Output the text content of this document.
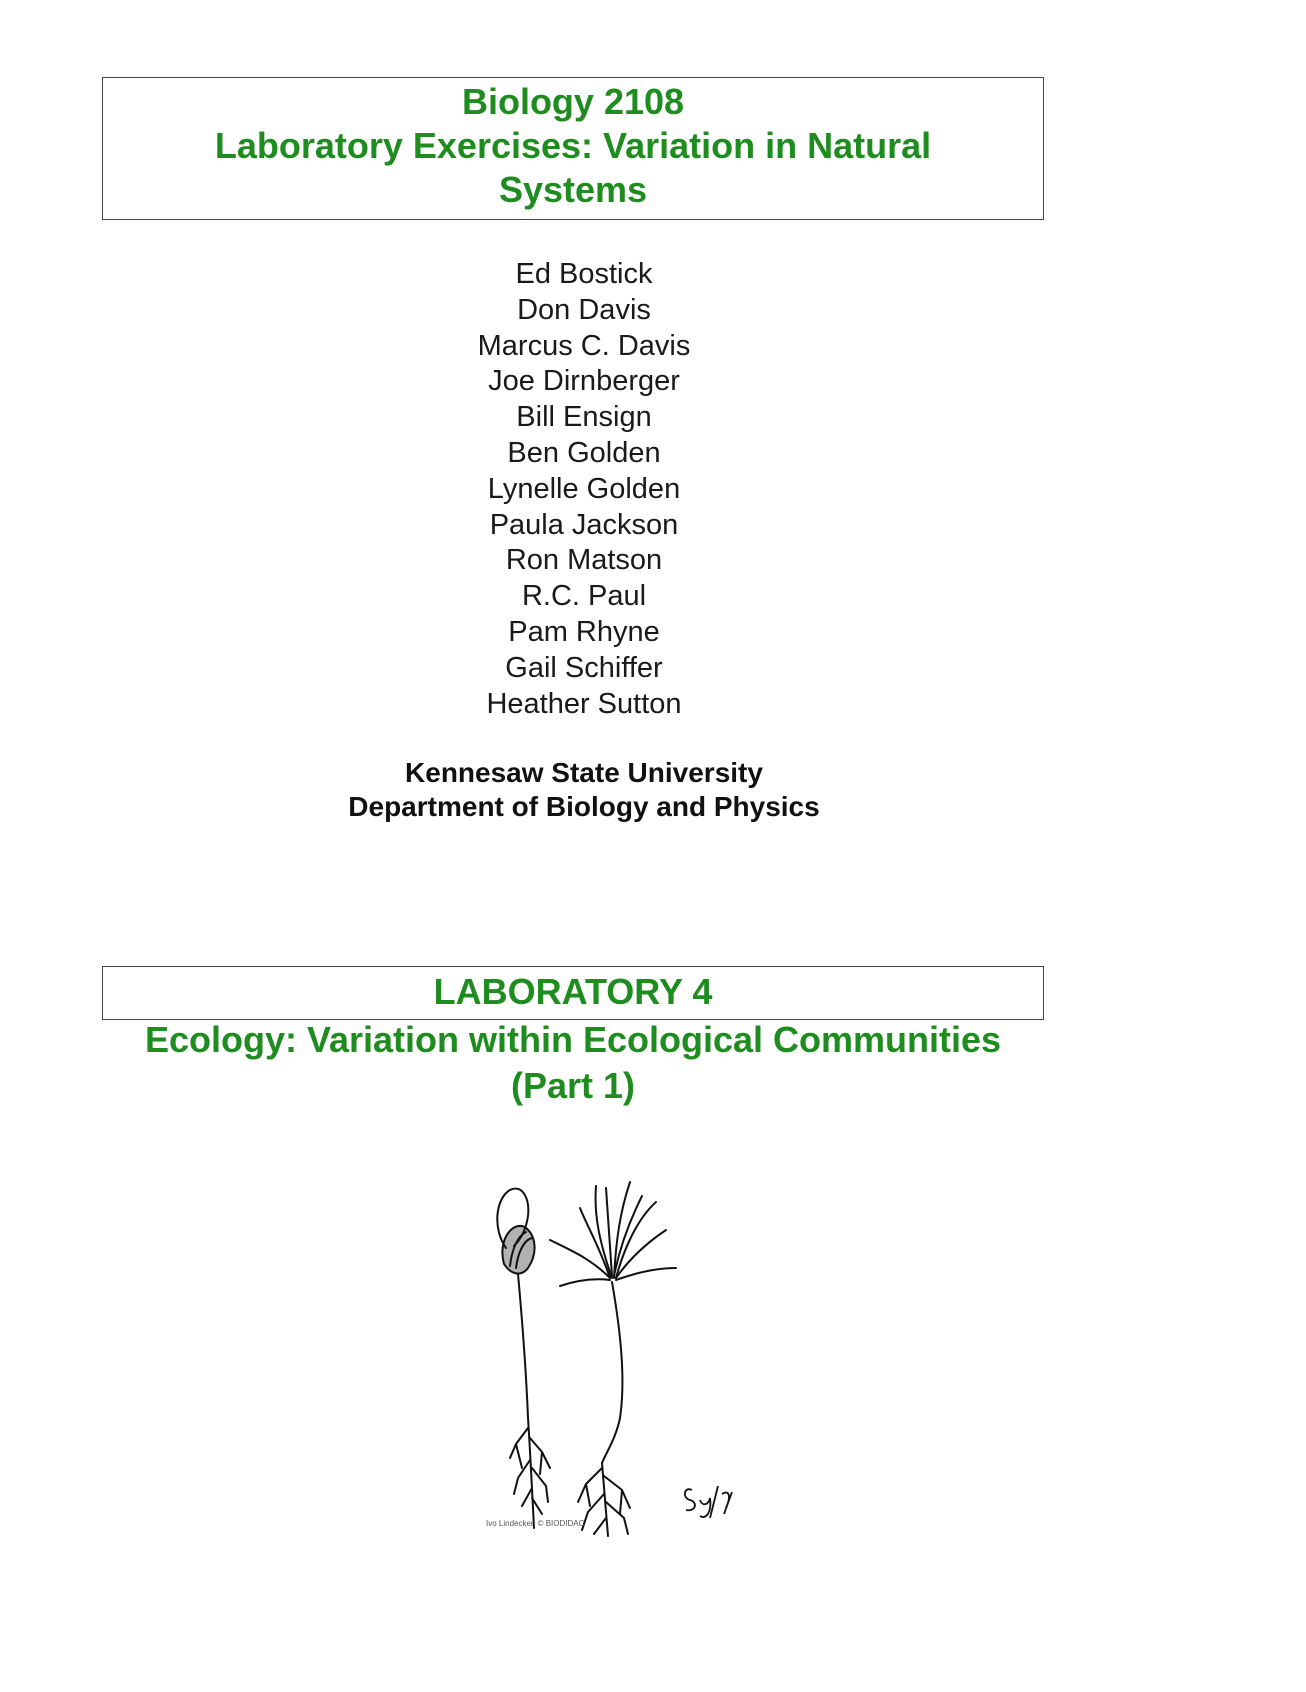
Biology 2108
Laboratory Exercises: Variation in Natural
Systems
Ed Bostick
Don Davis
Marcus C. Davis
Joe Dirnberger
Bill Ensign
Ben Golden
Lynelle Golden
Paula Jackson
Ron Matson
R.C. Paul
Pam Rhyne
Gail Schiffer
Heather Sutton
Kennesaw State University
Department of Biology and Physics
LABORATORY 4
Ecology: Variation within Ecological Communities
(Part 1)
Ivo Lindecken © BIODIDAC
